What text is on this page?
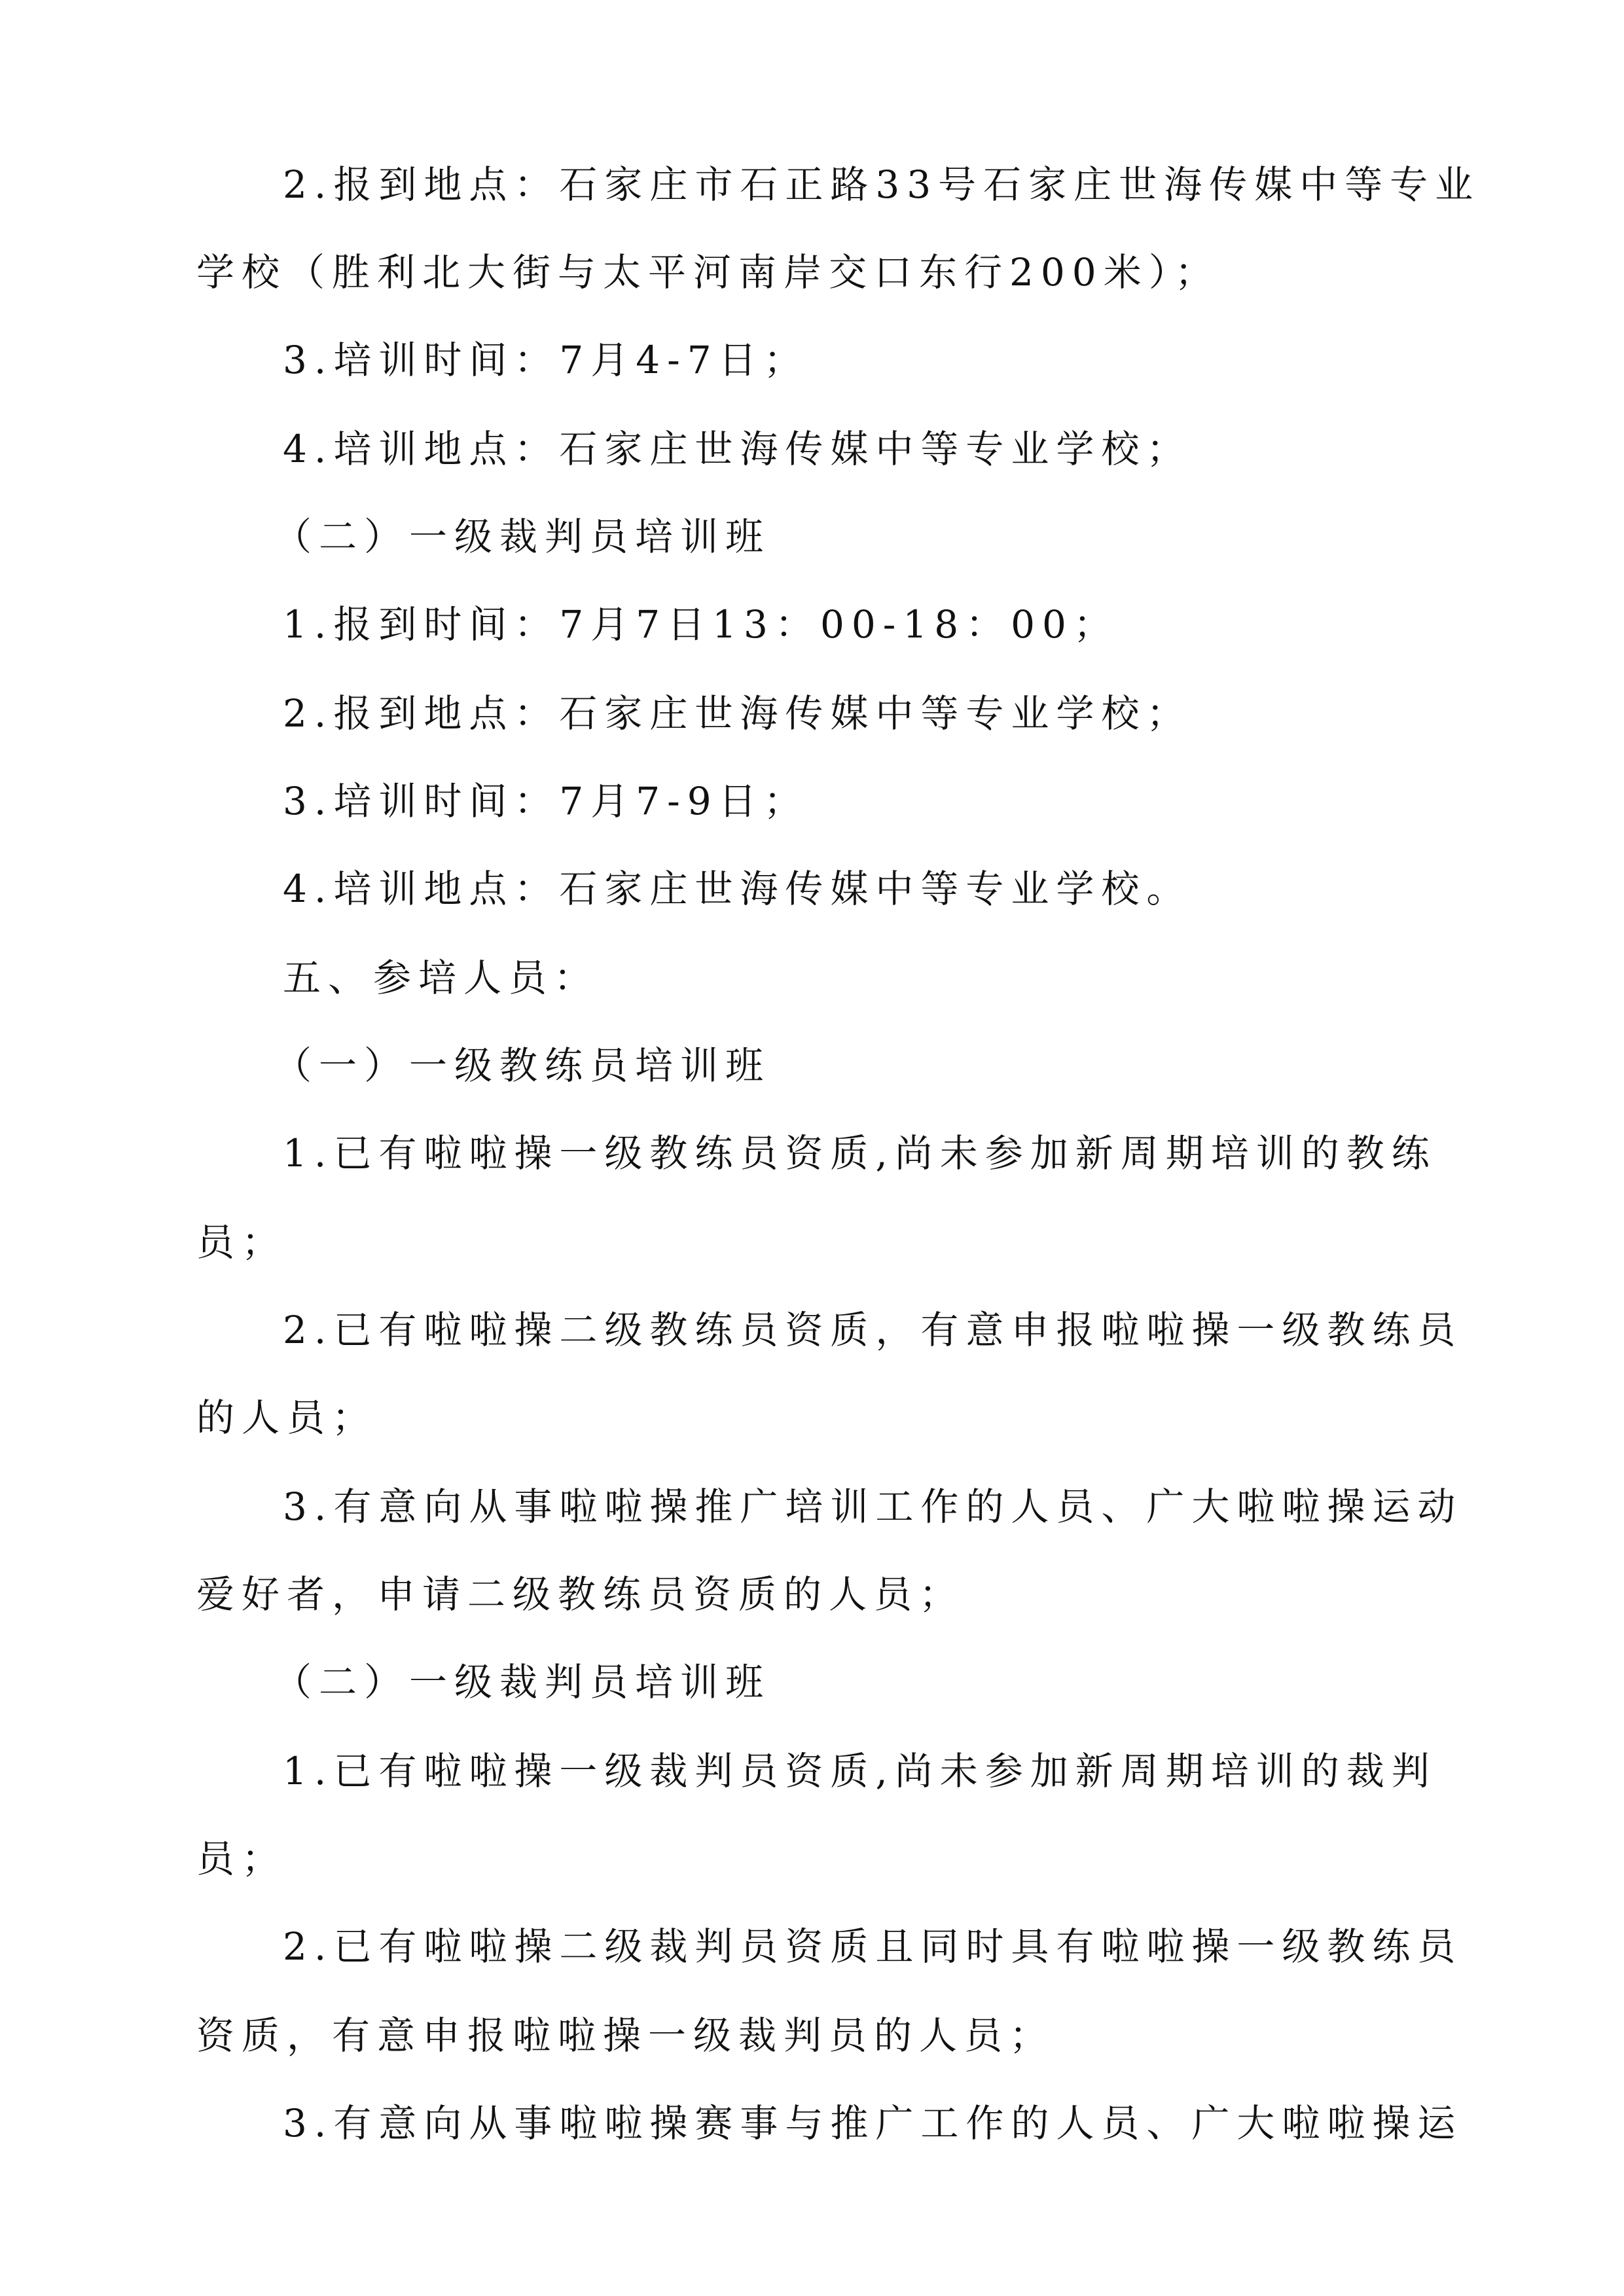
2.报到地点：石家庄市石正路33号石家庄世海传媒中等专业
学校（胜利北大街与太平河南岸交口东行200米）；
3.培训时间：7月4-7日；
4.培训地点：石家庄世海传媒中等专业学校；
（二）一级裁判员培训班
1.报到时间：7月7日13：00-18：00；
2.报到地点：石家庄世海传媒中等专业学校；
3.培训时间：7月7-9日；
4.培训地点：石家庄世海传媒中等专业学校。
五、参培人员：
（一）一级教练员培训班
1.已有啦啦操一级教练员资质,尚未参加新周期培训的教练
员；
2.已有啦啦操二级教练员资质，有意申报啦啦操一级教练员
的人员；
3.有意向从事啦啦操推广培训工作的人员、广大啦啦操运动
爱好者，申请二级教练员资质的人员；
（二）一级裁判员培训班
1.已有啦啦操一级裁判员资质,尚未参加新周期培训的裁判
员；
2.已有啦啦操二级裁判员资质且同时具有啦啦操一级教练员
资质，有意申报啦啦操一级裁判员的人员；
3.有意向从事啦啦操赛事与推广工作的人员、广大啦啦操运
